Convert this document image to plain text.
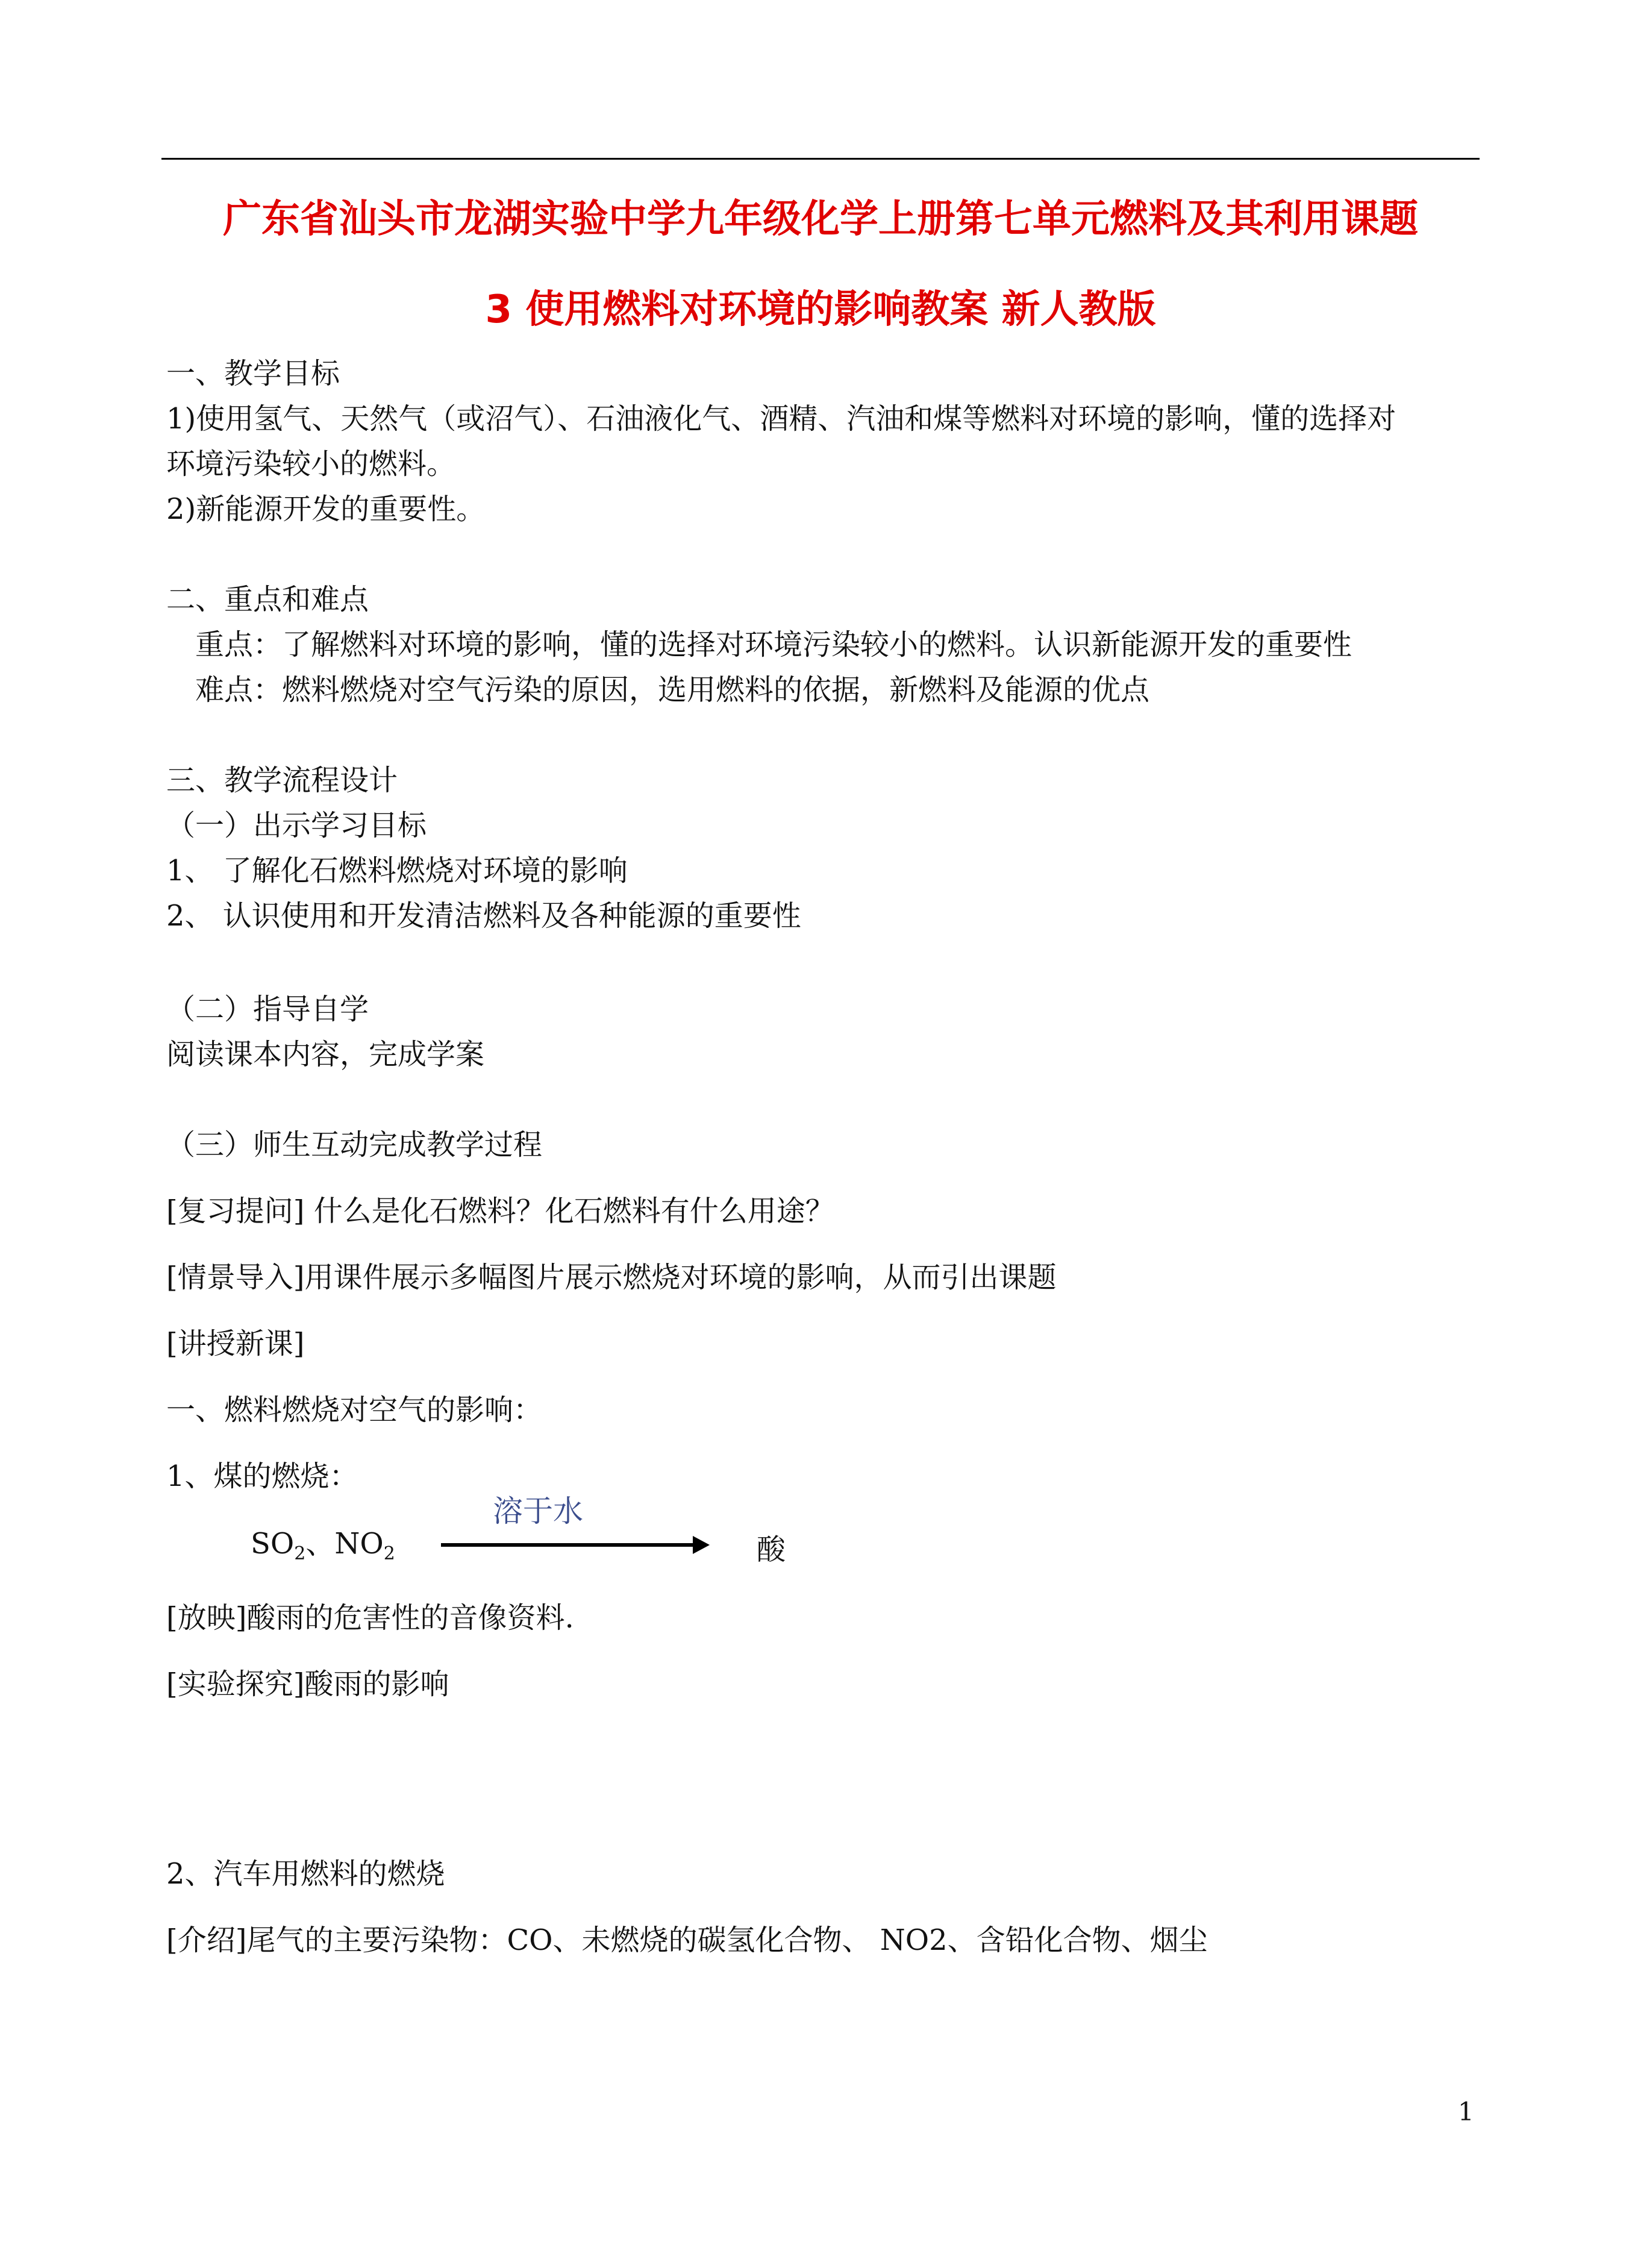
广东省汕头市龙湖实验中学九年级化学上册第七单元燃料及其利用课题
3 使用燃料对环境的影响教案 新人教版
一、教学目标
1)使用氢气、天然气（或沼气）、石油液化气、酒精、汽油和煤等燃料对环境的影响，懂的选择对
环境污染较小的燃料。
2)新能源开发的重要性。
二、重点和难点
重点：了解燃料对环境的影响，懂的选择对环境污染较小的燃料。认识新能源开发的重要性
难点：燃料燃烧对空气污染的原因，选用燃料的依据，新燃料及能源的优点
三、教学流程设计
（一）出示学习目标
1、 了解化石燃料燃烧对环境的影响
2、 认识使用和开发清洁燃料及各种能源的重要性
（二）指导自学
阅读课本内容，完成学案
（三）师生互动完成教学过程
[复习提问] 什么是化石燃料？化石燃料有什么用途？
[情景导入]用课件展示多幅图片展示燃烧对环境的影响，从而引出课题
[讲授新课]
一、燃料燃烧对空气的影响：
1、煤的燃烧：
$SO_2$、$NO_2$
溶于水
酸
[放映]酸雨的危害性的音像资料.
[实验探究]酸雨的影响
2、汽车用燃料的燃烧
[介绍]尾气的主要污染物：CO、未燃烧的碳氢化合物、 NO2、含铅化合物、烟尘
1
